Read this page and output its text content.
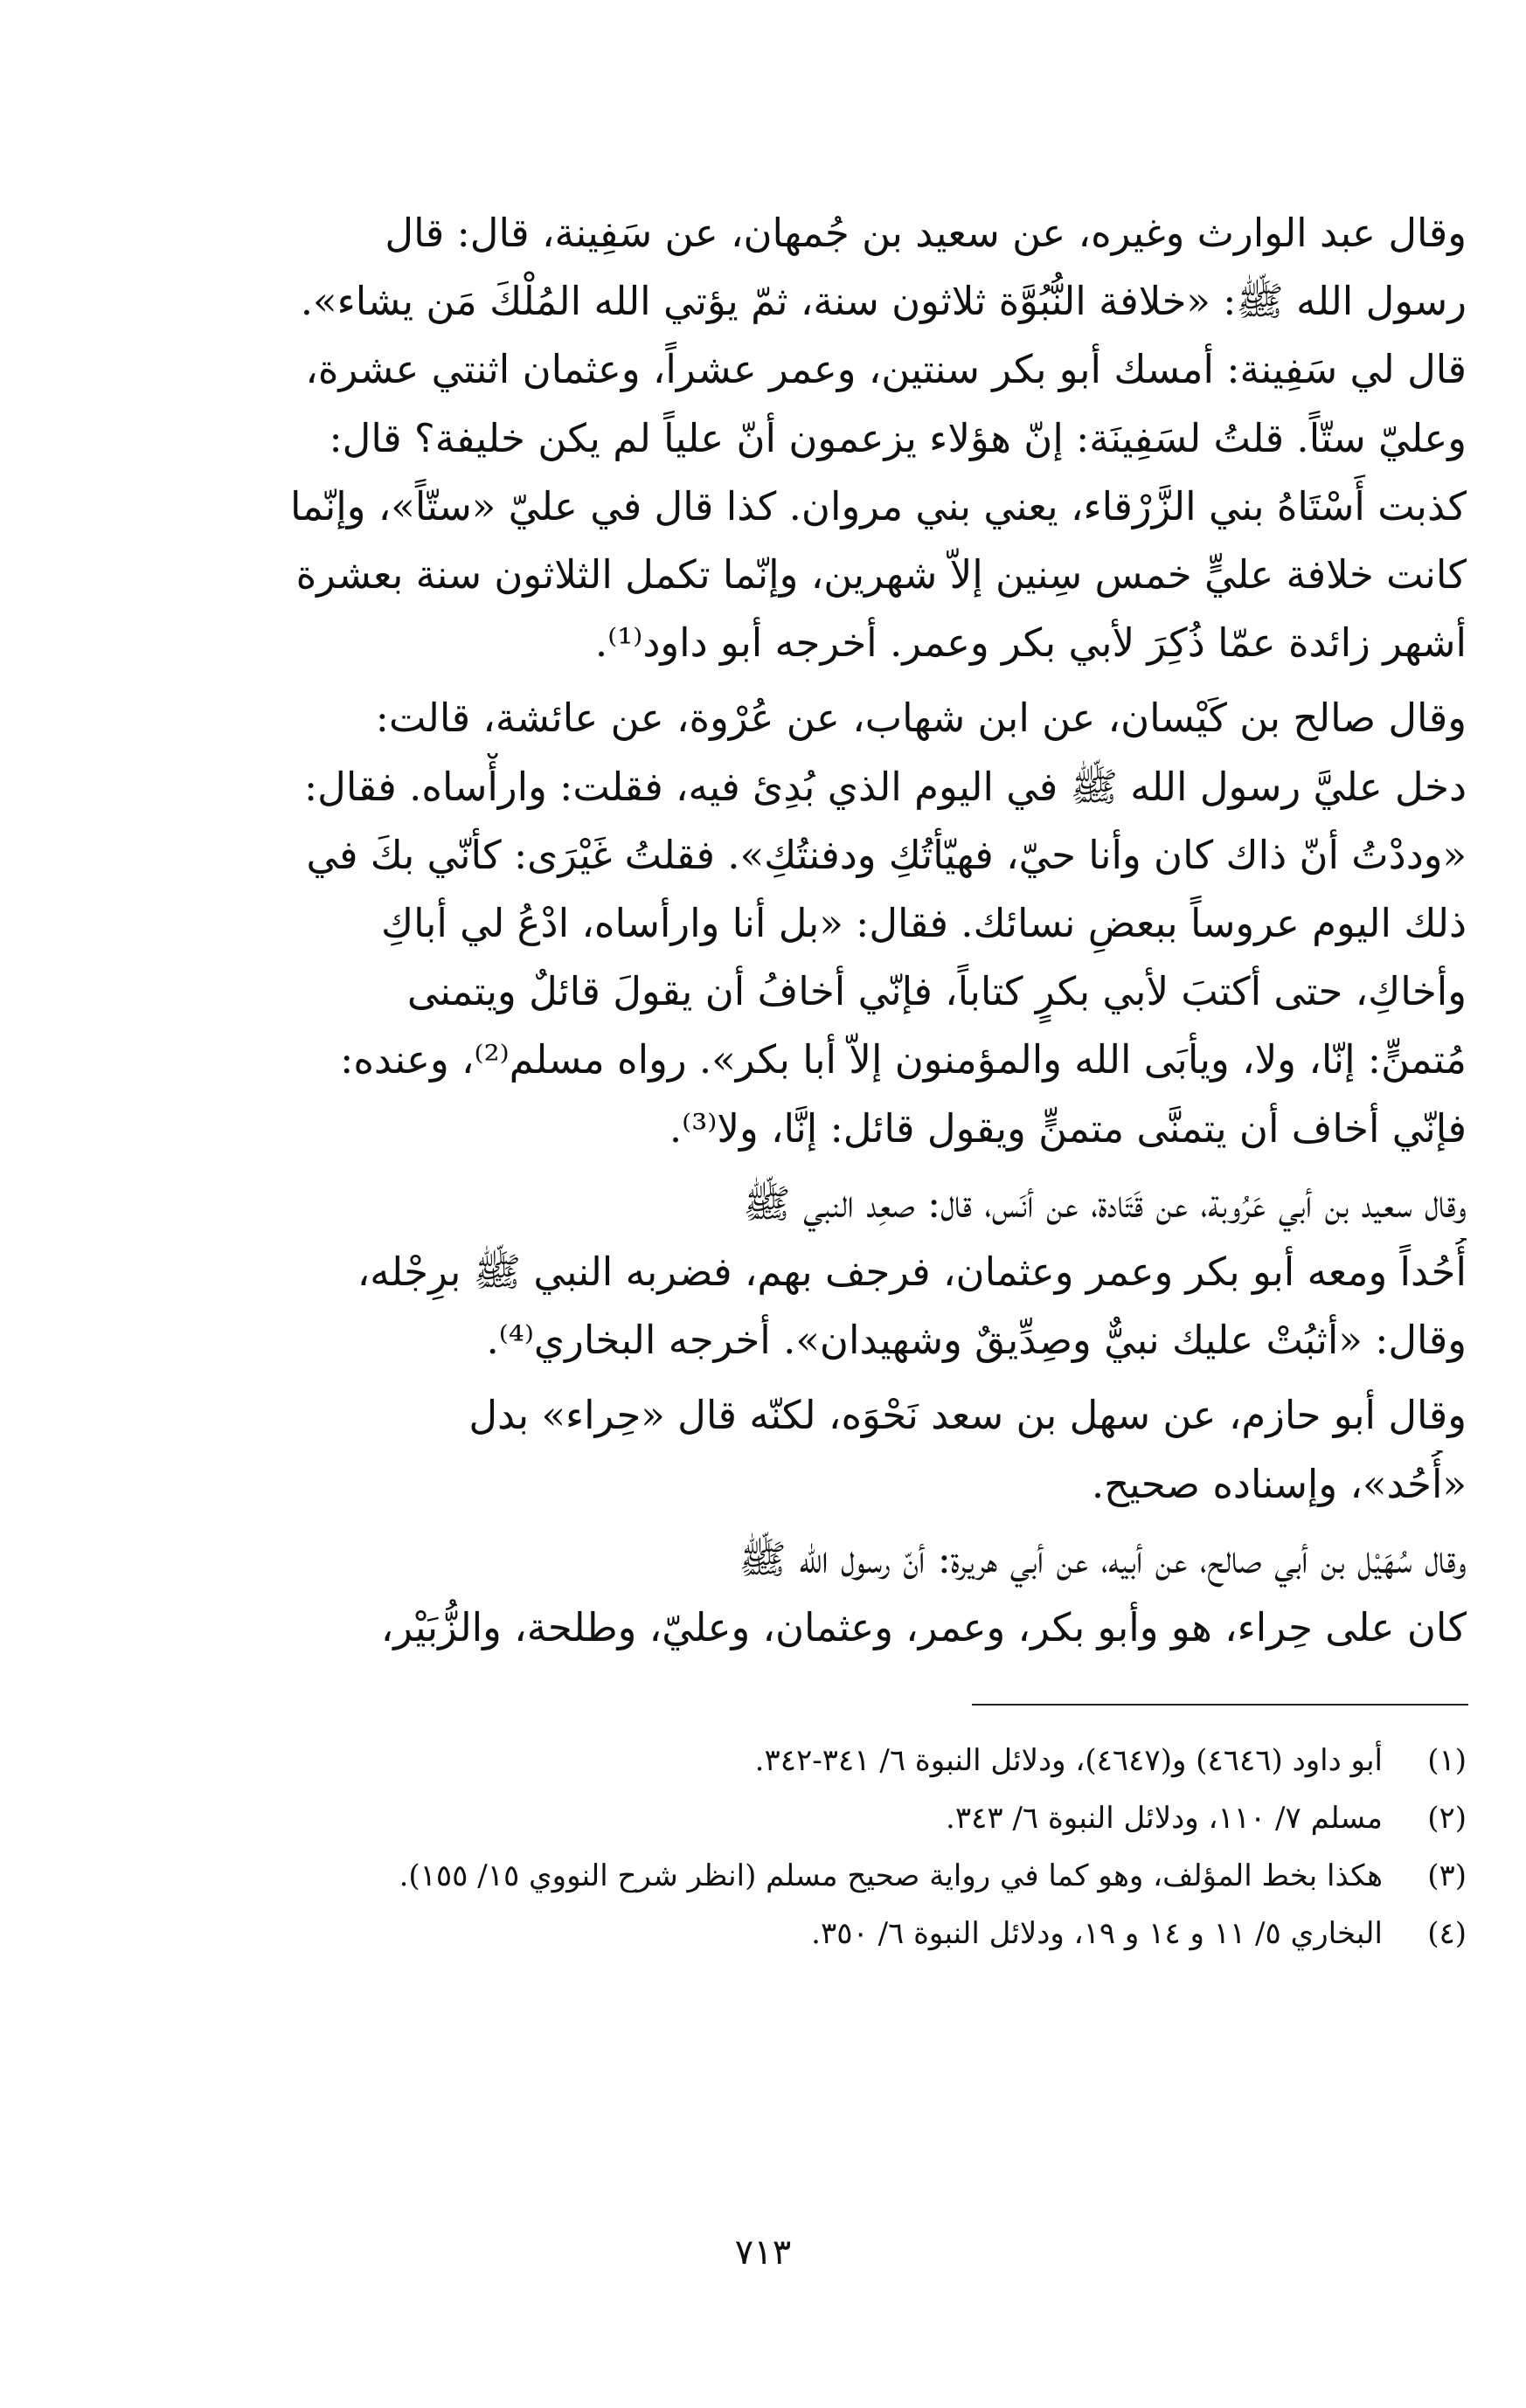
وقال عبد الوارث وغيره، عن سعيد بن جُمهان، عن سَفِينة، قال: قال
رسول الله ﷺ: «خلافة النُّبُوَّة ثلاثون سنة، ثمّ يؤتي الله المُلْكَ مَن يشاء».
قال لي سَفِينة: أمسك أبو بكر سنتين، وعمر عشراً، وعثمان اثنتي عشرة،
وعليّ ستّاً. قلتُ لسَفِينَة: إنّ هؤلاء يزعمون أنّ علياً لم يكن خليفة؟ قال:
كذبت أَسْتَاهُ بني الزَّرْقاء، يعني بني مروان. كذا قال في عليّ «ستّاً»، وإنّما
كانت خلافة عليٍّ خمس سِنين إلاّ شهرين، وإنّما تكمل الثلاثون سنة بعشرة
أشهر زائدة عمّا ذُكِرَ لأبي بكر وعمر. أخرجه أبو داود⁽¹⁾.

وقال صالح بن كَيْسان، عن ابن شهاب، عن عُرْوة، عن عائشة، قالت:
دخل عليَّ رسول الله ﷺ في اليوم الذي بُدِئ فيه، فقلت: وارأْساه. فقال:
«وددْتُ أنّ ذاك كان وأنا حيّ، فهيّأتُكِ ودفنتُكِ». فقلتُ غَيْرَى: كأنّي بكَ في
ذلك اليوم عروساً ببعضِ نسائك. فقال: «بل أنا وارأساه، ادْعُ لي أباكِ
وأخاكِ، حتى أكتبَ لأبي بكرٍ كتاباً، فإنّي أخافُ أن يقولَ قائلٌ ويتمنى
مُتمنٍّ: إنّا، ولا، ويأبَى الله والمؤمنون إلاّ أبا بكر». رواه مسلم⁽²⁾، وعنده:
فإنّي أخاف أن يتمنَّى متمنٍّ ويقول قائل: إنَّا، ولا⁽³⁾.

وقال سعيد بن أبي عَرُوبة، عن قَتَادة، عن أنَس، قال: صعِد النبي ﷺ
أُحُداً ومعه أبو بكر وعمر وعثمان، فرجف بهم، فضربه النبي ﷺ برِجْله،
وقال: «أثبُتْ عليك نبيٌّ وصِدِّيقٌ وشهيدان». أخرجه البخاري⁽⁴⁾.

وقال أبو حازم، عن سهل بن سعد نَحْوَه، لكنّه قال «حِراء» بدل
«أُحُد»، وإسناده صحيح.

وقال سُهَيْل بن أبي صالح، عن أبيه، عن أبي هريرة: أنّ رسول الله ﷺ
كان على حِراء، هو وأبو بكر، وعمر، وعثمان، وعليّ، وطلحة، والزُّبَيْر،

(١)
أبو داود (٤٦٤٦) و(٤٦٤٧)، ودلائل النبوة ٦/ ٣٤١-٣٤٢.
(٢)
مسلم ٧/ ١١٠، ودلائل النبوة ٦/ ٣٤٣.
(٣)
هكذا بخط المؤلف، وهو كما في رواية صحيح مسلم (انظر شرح النووي ١٥/ ١٥٥).
(٤)
البخاري ٥/ ١١ و ١٤ و ١٩، ودلائل النبوة ٦/ ٣٥٠.
٧١٣
